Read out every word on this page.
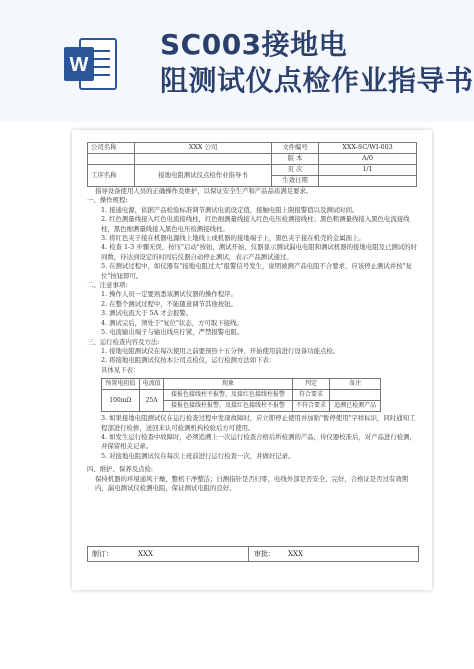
W
SC003接地电
阻测试仪点检作业指导书
公司名称	XXX 公司	文件编号	XXX-SC/WI-003
		版 本	A/0
工序名称	接地电阻测试仪点检作业指导书	页 次	1/1
		生效日期	

指导设备使用人员的正确操作及维护，以保证安全生产和产品品质满足要求。

一、操作规程:

1. 接通电源，依据产品检验标准调节测试电流设定值，接触电阻上限报警值以及测试时间。

2. 红色测量线接入红色电流接线柱，红色细测量线接入红色电压检测接线柱；黑色粗测量线接入黑色电流接线柱，黑色细测量线接入黑色电压检测接线柱。

3. 将红色夹子接在机器电源线上地线上或机器的接地端子上，黑色夹子接在机壳的金属面上。

4. 检查 1-3 步骤无误，按压"启动"按钮，测试开始，仪器显示测试漏电电阻和测试机器的接地电阻及已测试的时间数，待达到设定的时间后仪器自动停止测试，表示产品测试通过。

5. 在测试过程中，如仪器有"接地电阻过大"报警信号发生，说明被测产品电阻不合要求，应该停止测试并按"复位"按钮即可。

二、注意事项:

1. 操作人员一定要熟悉该测试仪器的操作程序。

2. 在整个测试过程中，不能随意调节其他按钮。

3. 测试电流大于 5A 才会报警。

4. 测试完后，须处于"复位"状态，方可取下接线。

5. 电流输出端子与输出线应拧紧，严禁报警电阻。

三、运行检查内容及方法:

1. 接地电阻测试仪在每次使用之前要预热十五分钟，开始使用前进行设备功能点检。

2. 将接地电阻测试仪按本公司点检仪，运行检测方法如下表：

具体见下表：

预置电阻值	电流值	现象	判定	备注
100mΩ	25A	接报色接线柱不报警，及接红色接线柱报警	符合要求	
		接报色接线柱报警，及接红色接线柱不报警	不符合要求	追溯已检测产品

3. 如果接地电阻测试仪在运行检查过程中发现故障时，应立即停止使用并加贴"暂停使用"字样标识，同时通知工程部进行检修，送回来认可检测机构校验后方可使用。

4. 如发生运行检查中故障时，必须追溯上一次运行检查合格后所检测的产品，待仪器校准后，对产品进行检测，并保留相关记录。

5. 对接地电阻测试仪在每次上班前进行运行检查一次，并做好记录。

四、维护、保养及点检:

保持机器的环境通风干燥，整机干净整洁；日测指针是否归零，电线外部是否安全、完好，合格证是否过有效期内，漏电测试仪检测电阻，保证测试电阻的良好。

制订：	XXX	审批： XXX
